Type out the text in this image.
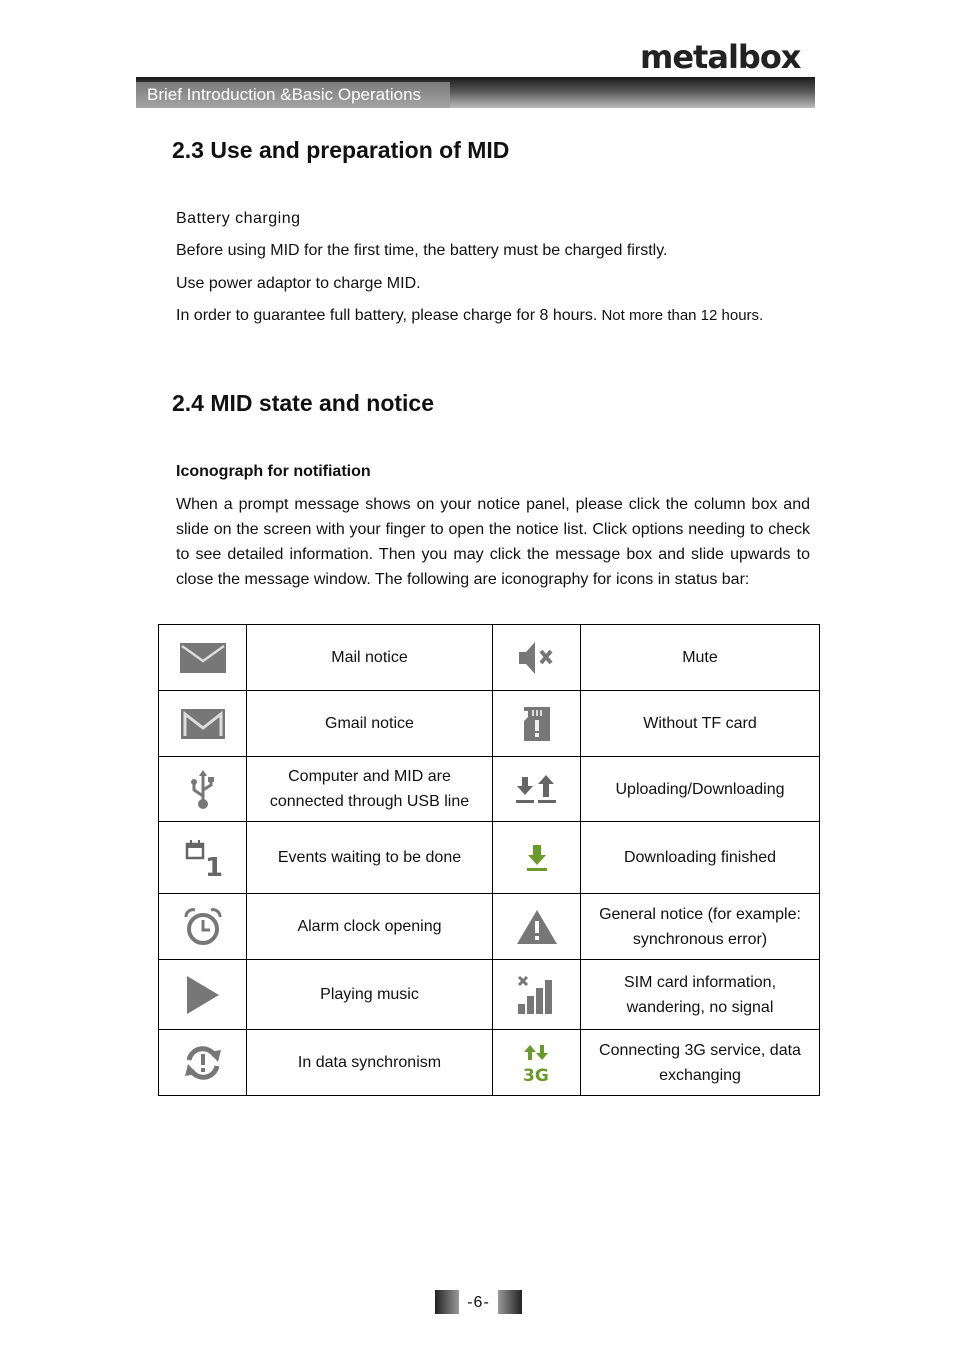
metalbox
Brief Introduction &Basic Operations
2.3 Use and preparation of MID
Battery charging
Before using MID for the first time, the battery must be charged firstly.
Use power adaptor to charge MID.
In order to guarantee full battery, please charge for 8 hours. Not more than 12 hours.
2.4 MID state and notice
Iconograph for notifiation
When a prompt message shows on your notice panel, please click the column box and slide on the screen with your finger to open the notice list. Click options needing to check to see detailed information. Then you may click the message box and slide upwards to close the message window. The following are iconography for icons in status bar:
	Mail notice		Mute

	Gmail notice		Without TF card

	Computer and MID are connected through USB line		Uploading/Downloading

1	Events waiting to be done		Downloading finished

	Alarm clock opening		General notice (for example: synchronous error)

	Playing music		SIM card information, wandering, no signal

	In data synchronism	3G	Connecting 3G service, data exchanging
-6-
